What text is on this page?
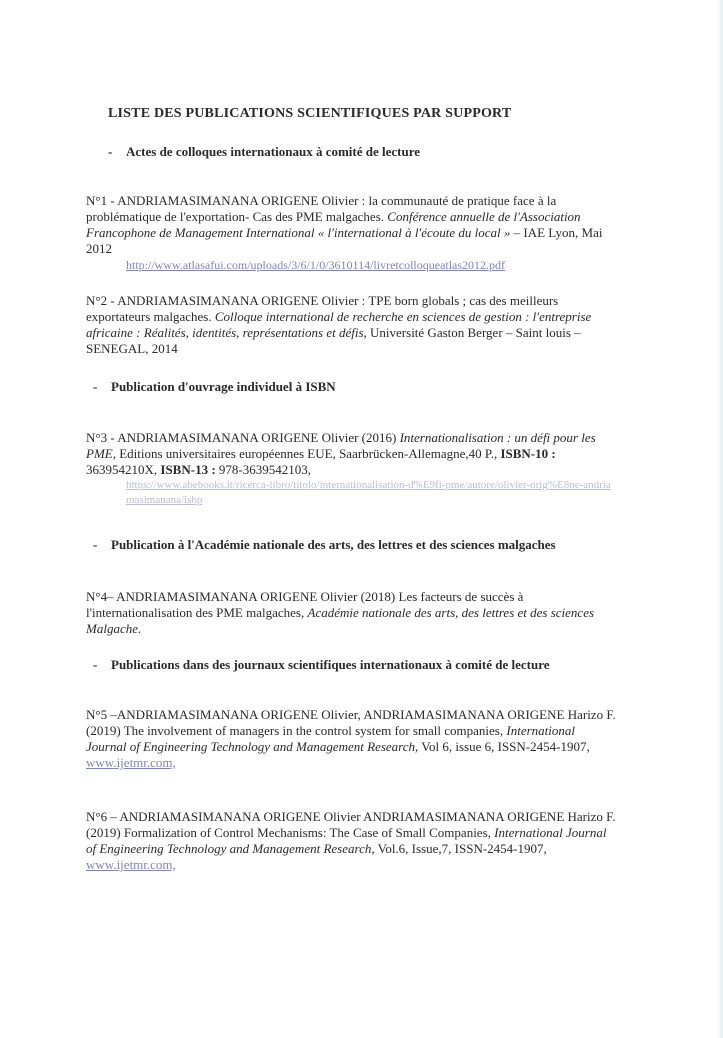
LISTE DES PUBLICATIONS SCIENTIFIQUES PAR SUPPORT
- Actes de colloques internationaux à comité de lecture
N°1 - ANDRIAMASIMANANA ORIGENE Olivier : la communauté de pratique face à la problématique de l'exportation- Cas des PME malgaches. Conférence annuelle de l'Association Francophone de Management International « l'international à l'écoute du local » – IAE Lyon, Mai 2012
http://www.atlasafui.com/uploads/3/6/1/0/3610114/livretcolloqueatlas2012.pdf
N°2 - ANDRIAMASIMANANA ORIGENE Olivier : TPE born globals ; cas des meilleurs exportateurs malgaches. Colloque international de recherche en sciences de gestion : l'entreprise africaine : Réalités, identités, représentations et défis, Université Gaston Berger – Saint louis – SENEGAL, 2014
- Publication d'ouvrage individuel à ISBN
N°3 - ANDRIAMASIMANANA ORIGENE Olivier (2016) Internationalisation : un défi pour les PME, Editions universitaires européennes EUE, Saarbrücken-Allemagne,40 P., ISBN-10 : 363954210X, ISBN-13 : 978-3639542103,
https://www.abebooks.it/ricerca-libro/titolo/internationalisation-d%E9fi-pme/autore/olivier-orig%E8ne-andriamasimanana/isbp
- Publication à l'Académie nationale des arts, des lettres et des sciences malgaches
N°4– ANDRIAMASIMANANA ORIGENE Olivier (2018) Les facteurs de succès à l'internationalisation des PME malgaches, Académie nationale des arts, des lettres et des sciences Malgache.
- Publications dans des journaux scientifiques internationaux à comité de lecture
N°5 –ANDRIAMASIMANANA ORIGENE Olivier, ANDRIAMASIMANANA ORIGENE Harizo F. (2019) The involvement of managers in the control system for small companies, International Journal of Engineering Technology and Management Research, Vol 6, issue 6, ISSN-2454-1907, www.ijetmr.com,
N°6 – ANDRIAMASIMANANA ORIGENE Olivier ANDRIAMASIMANANA ORIGENE Harizo F. (2019) Formalization of Control Mechanisms: The Case of Small Companies, International Journal of Engineering Technology and Management Research, Vol.6, Issue,7, ISSN-2454-1907, www.ijetmr.com,
